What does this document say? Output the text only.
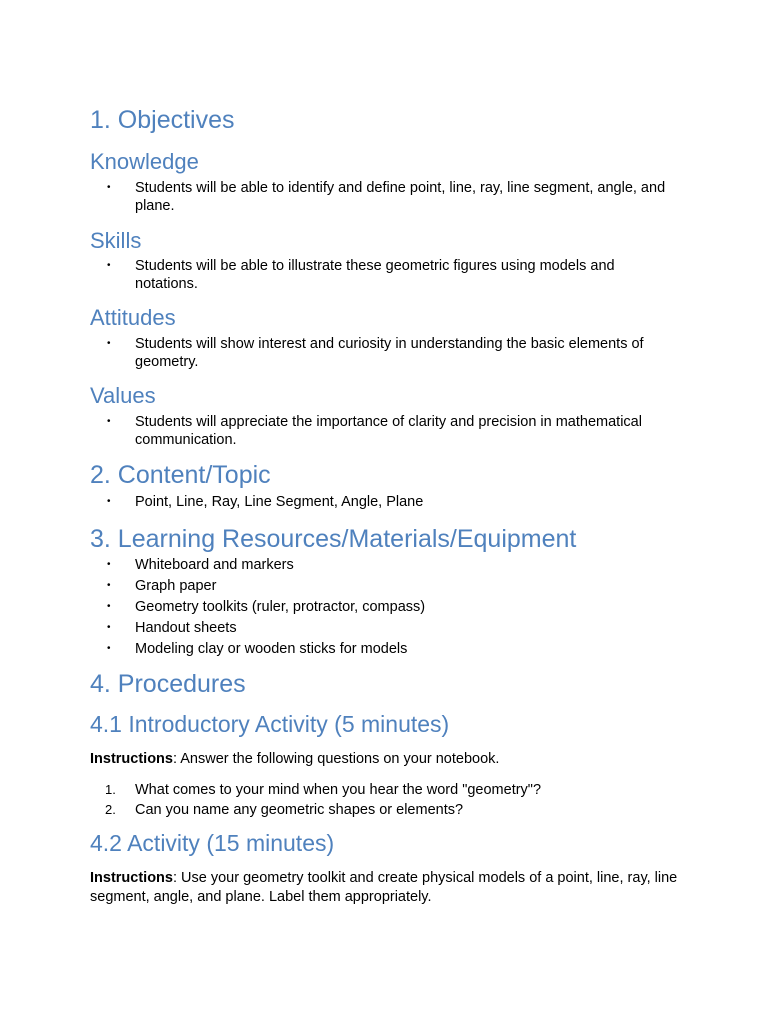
1. Objectives
Knowledge
• Students will be able to identify and define point, line, ray, line segment, angle, and plane.
Skills
• Students will be able to illustrate these geometric figures using models and notations.
Attitudes
• Students will show interest and curiosity in understanding the basic elements of geometry.
Values
• Students will appreciate the importance of clarity and precision in mathematical communication.
2. Content/Topic
• Point, Line, Ray, Line Segment, Angle, Plane
3. Learning Resources/Materials/Equipment
• Whiteboard and markers
• Graph paper
• Geometry toolkits (ruler, protractor, compass)
• Handout sheets
• Modeling clay or wooden sticks for models
4. Procedures
4.1 Introductory Activity (5 minutes)

Instructions: Answer the following questions on your notebook.

1. What comes to your mind when you hear the word "geometry"?
2. Can you name any geometric shapes or elements?
4.2 Activity (15 minutes)

Instructions: Use your geometry toolkit and create physical models of a point, line, ray, line segment, angle, and plane. Label them appropriately.
